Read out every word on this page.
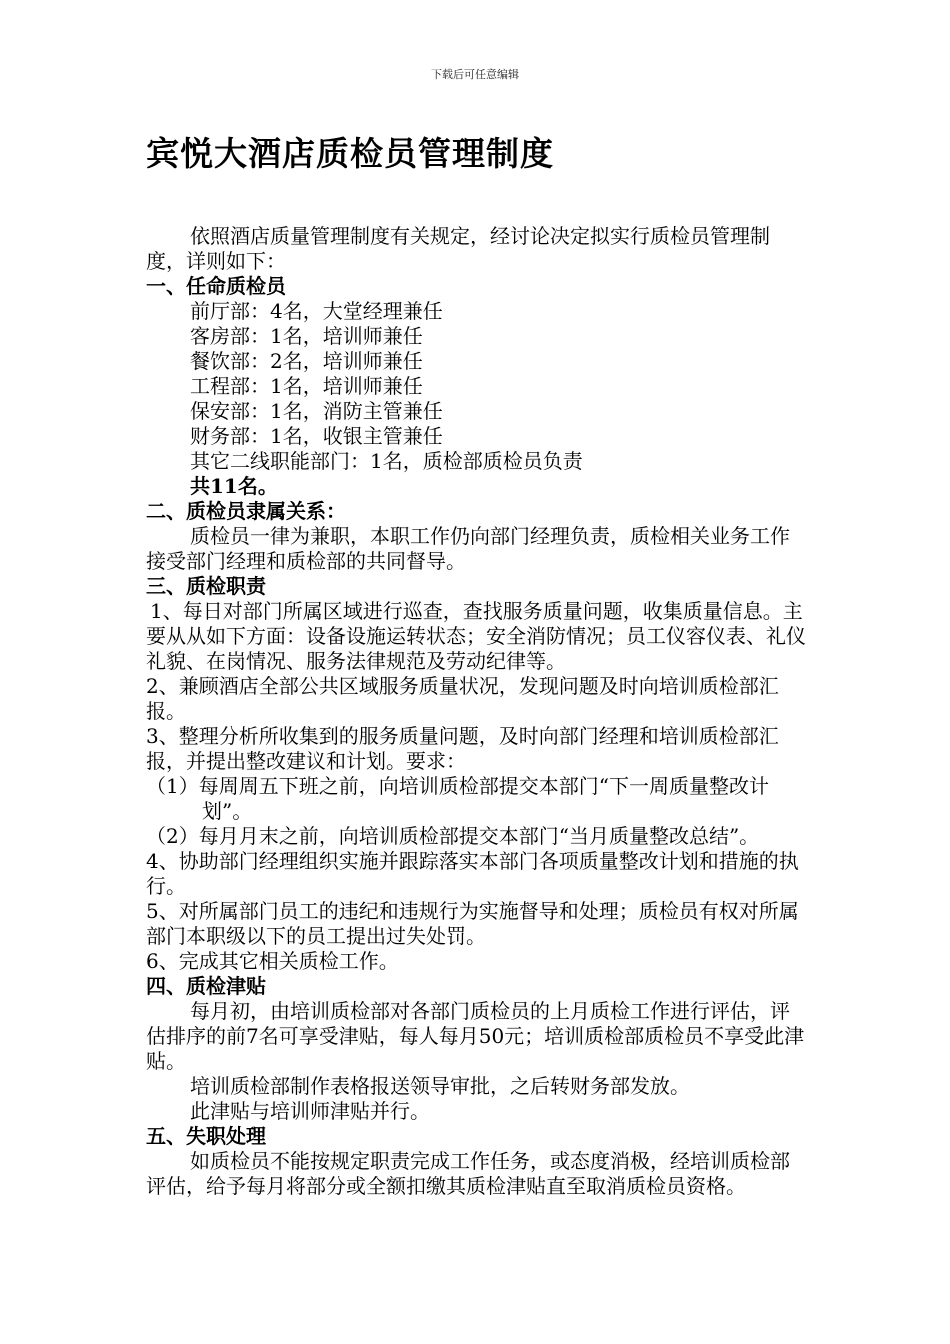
下载后可任意编辑
宾悦大酒店质检员管理制度

依照酒店质量管理制度有关规定，经讨论决定拟实行质检员管理制度，详则如下：

一、任命质检员

前厅部：4名，大堂经理兼任
客房部：1名，培训师兼任
餐饮部：2名，培训师兼任
工程部：1名，培训师兼任
保安部：1名，消防主管兼任
财务部：1名，收银主管兼任
其它二线职能部门：1名，质检部质检员负责
共11名。

二、质检员隶属关系：

质检员一律为兼职，本职工作仍向部门经理负责，质检相关业务工作接受部门经理和质检部的共同督导。

三、质检职责

1、每日对部门所属区域进行巡查，查找服务质量问题，收集质量信息。主要从从如下方面：设备设施运转状态；安全消防情况；员工仪容仪表、礼仪礼貌、在岗情况、服务法律规范及劳动纪律等。

2、兼顾酒店全部公共区域服务质量状况，发现问题及时向培训质检部汇报。

3、整理分析所收集到的服务质量问题，及时向部门经理和培训质检部汇报，并提出整改建议和计划。要求：

（1）每周周五下班之前，向培训质检部提交本部门“下一周质量整改计划”。

（2）每月月末之前，向培训质检部提交本部门“当月质量整改总结”。

4、协助部门经理组织实施并跟踪落实本部门各项质量整改计划和措施的执行。

5、对所属部门员工的违纪和违规行为实施督导和处理；质检员有权对所属部门本职级以下的员工提出过失处罚。

6、完成其它相关质检工作。

四、质检津贴

每月初，由培训质检部对各部门质检员的上月质检工作进行评估，评估排序的前7名可享受津贴，每人每月50元；培训质检部质检员不享受此津贴。

培训质检部制作表格报送领导审批，之后转财务部发放。

此津贴与培训师津贴并行。

五、失职处理

如质检员不能按规定职责完成工作任务，或态度消极，经培训质检部评估，给予每月将部分或全额扣缴其质检津贴直至取消质检员资格。
